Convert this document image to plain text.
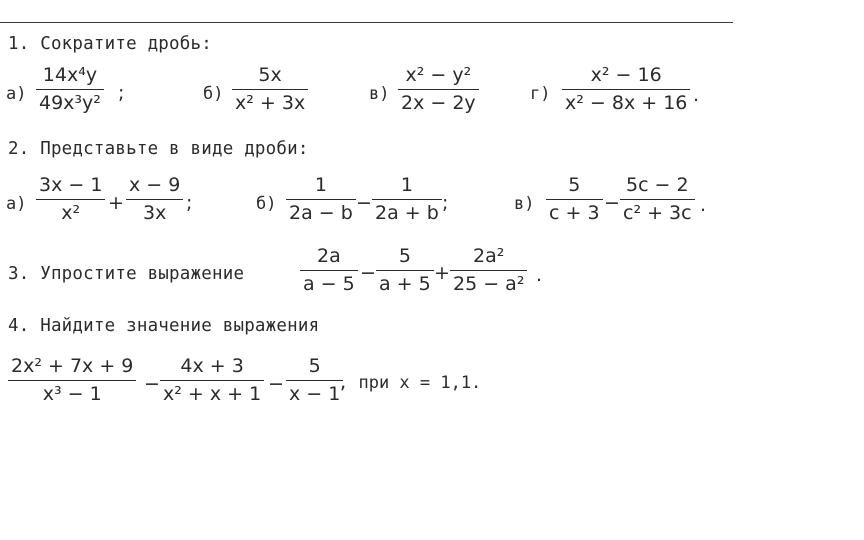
1. Сократите дробь:
а)
14x⁴y
49x³y² ;	б)
5x
x² + 3x	в)
x² − y²
2x − 2y	г)
x² − 16
x² − 8x + 16 .
2. Представьте в виде дроби:
а)
3x − 1
x² +
x − 9
3x ;	б)
1
2a − b −
1
2a + b ;	в)
5
c + 3 −
5c − 2
c² + 3c .
3. Упростите выражение
2a
a − 5 −
5
a + 5 +
2a²
25 − a² .
4. Найдите значение выражения
2x² + 7x + 9
x³ − 1 −
4x + 3
x² + x + 1 −
5
x − 1
, при x = 1,1.
